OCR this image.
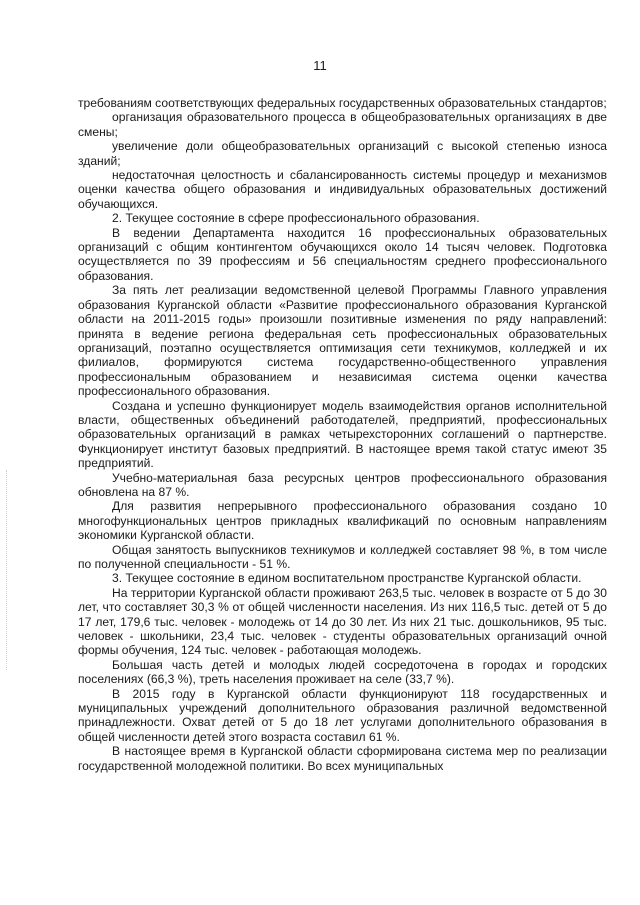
11

требованиям соответствующих федеральных государственных образовательных стандартов;

организация образовательного процесса в общеобразовательных организациях в две смены;

увеличение доли общеобразовательных организаций с высокой степенью износа зданий;

недостаточная целостность и сбалансированность системы процедур и механизмов оценки качества общего образования и индивидуальных образовательных достижений обучающихся.

2. Текущее состояние в сфере профессионального образования.

В ведении Департамента находится 16 профессиональных образовательных организаций с общим контингентом обучающихся около 14 тысяч человек. Подготовка осуществляется по 39 профессиям и 56 специальностям среднего профессионального образования.

За пять лет реализации ведомственной целевой Программы Главного управления образования Курганской области «Развитие профессионального образования Курганской области на 2011-2015 годы» произошли позитивные изменения по ряду направлений: принята в ведение региона федеральная сеть профессиональных образовательных организаций, поэтапно осуществляется оптимизация сети техникумов, колледжей и их филиалов, формируются система государственно-общественного управления профессиональным образованием и независимая система оценки качества профессионального образования.

Создана и успешно функционирует модель взаимодействия органов исполнительной власти, общественных объединений работодателей, предприятий, профессиональных образовательных организаций в рамках четырехсторонних соглашений о партнерстве. Функционирует институт базовых предприятий. В настоящее время такой статус имеют 35 предприятий.

Учебно-материальная база ресурсных центров профессионального образования обновлена на 87 %.

Для развития непрерывного профессионального образования создано 10 многофункциональных центров прикладных квалификаций по основным направлениям экономики Курганской области.

Общая занятость выпускников техникумов и колледжей составляет 98 %, в том числе по полученной специальности - 51 %.

3. Текущее состояние в едином воспитательном пространстве Курганской области.

На территории Курганской области проживают 263,5 тыс. человек в возрасте от 5 до 30 лет, что составляет 30,3 % от общей численности населения. Из них 116,5 тыс. детей от 5 до 17 лет, 179,6 тыс. человек - молодежь от 14 до 30 лет. Из них 21 тыс. дошкольников, 95 тыс. человек - школьники, 23,4 тыс. человек - студенты образовательных организаций очной формы обучения, 124 тыс. человек - работающая молодежь.

Большая часть детей и молодых людей сосредоточена в городах и городских поселениях (66,3 %), треть населения проживает на селе (33,7 %).

В 2015 году в Курганской области функционируют 118 государственных и муниципальных учреждений дополнительного образования различной ведомственной принадлежности. Охват детей от 5 до 18 лет услугами дополнительного образования в общей численности детей этого возраста составил 61 %.

В настоящее время в Курганской области сформирована система мер по реализации государственной молодежной политики. Во всех муниципальных
